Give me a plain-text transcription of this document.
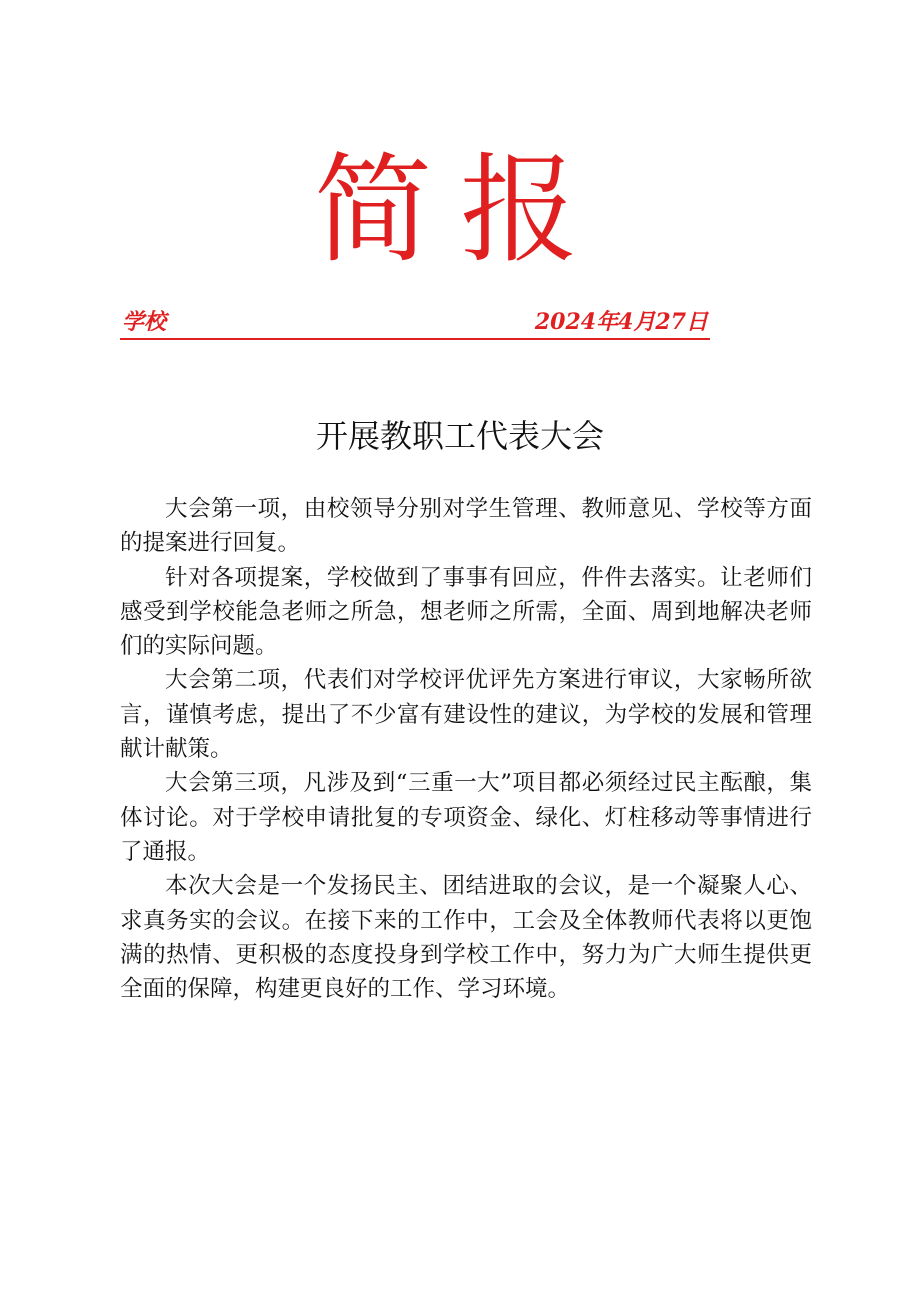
简报
学校	2024年4月27日
开展教职工代表大会

大会第一项，由校领导分别对学生管理、教师意见、学校等方面的提案进行回复。

针对各项提案，学校做到了事事有回应，件件去落实。让老师们感受到学校能急老师之所急，想老师之所需，全面、周到地解决老师们的实际问题。

大会第二项，代表们对学校评优评先方案进行审议，大家畅所欲言，谨慎考虑，提出了不少富有建设性的建议，为学校的发展和管理献计献策。

大会第三项，凡涉及到“三重一大”项目都必须经过民主酝酿，集体讨论。对于学校申请批复的专项资金、绿化、灯柱移动等事情进行了通报。

本次大会是一个发扬民主、团结进取的会议，是一个凝聚人心、求真务实的会议。在接下来的工作中，工会及全体教师代表将以更饱满的热情、更积极的态度投身到学校工作中，努力为广大师生提供更全面的保障，构建更良好的工作、学习环境。
